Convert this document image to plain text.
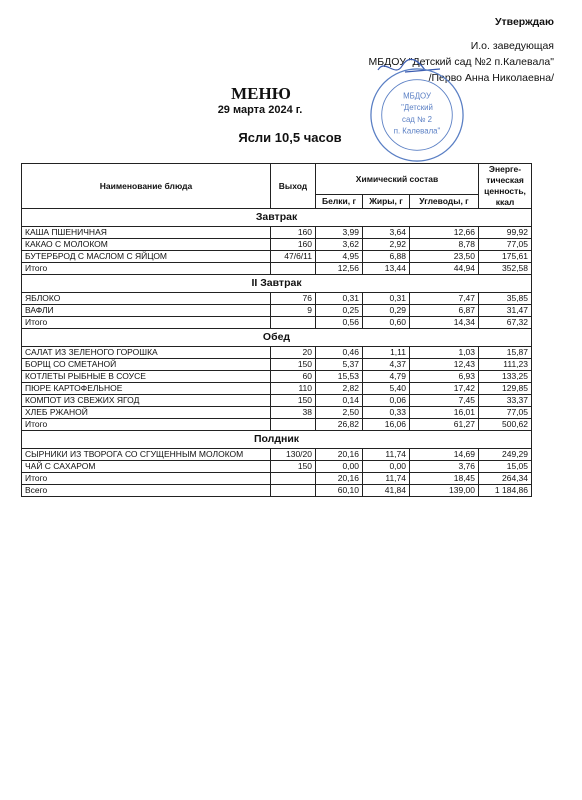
Утверждаю
И.о. заведующая
МБДОУ "Детский сад №2 п.Калевала"
/Перво Анна Николаевна/
МБДОУ
"Детский
сад № 2
п. Калевала"
МЕНЮ
29 марта 2024 г.
Ясли 10,5 часов
Наименование блюда	Выход	Химический состав			Энерге-тическая ценность, ккал
		Белки, г	Жиры, г	Углеводы, г	
Завтрак					
КАША ПШЕНИЧНАЯ	160	3,99	3,64	12,66	99,92
КАКАО С МОЛОКОМ	160	3,62	2,92	8,78	77,05
БУТЕРБРОД С МАСЛОМ С ЯЙЦОМ	47/6/11	4,95	6,88	23,50	175,61
Итого		12,56	13,44	44,94	352,58
II Завтрак					
ЯБЛОКО	76	0,31	0,31	7,47	35,85
ВАФЛИ	9	0,25	0,29	6,87	31,47
Итого		0,56	0,60	14,34	67,32
Обед					
САЛАТ ИЗ ЗЕЛЕНОГО ГОРОШКА	20	0,46	1,11	1,03	15,87
БОРЩ СО СМЕТАНОЙ	150	5,37	4,37	12,43	111,23
КОТЛЕТЫ РЫБНЫЕ В СОУСЕ	60	15,53	4,79	6,93	133,25
ПЮРЕ КАРТОФЕЛЬНОЕ	110	2,82	5,40	17,42	129,85
КОМПОТ ИЗ СВЕЖИХ ЯГОД	150	0,14	0,06	7,45	33,37
ХЛЕБ РЖАНОЙ	38	2,50	0,33	16,01	77,05
Итого		26,82	16,06	61,27	500,62
Полдник					
СЫРНИКИ ИЗ ТВОРОГА СО СГУЩЕННЫМ МОЛОКОМ	130/20	20,16	11,74	14,69	249,29
ЧАЙ С САХАРОМ	150	0,00	0,00	3,76	15,05
Итого		20,16	11,74	18,45	264,34
Всего		60,10	41,84	139,00	1 184,86
